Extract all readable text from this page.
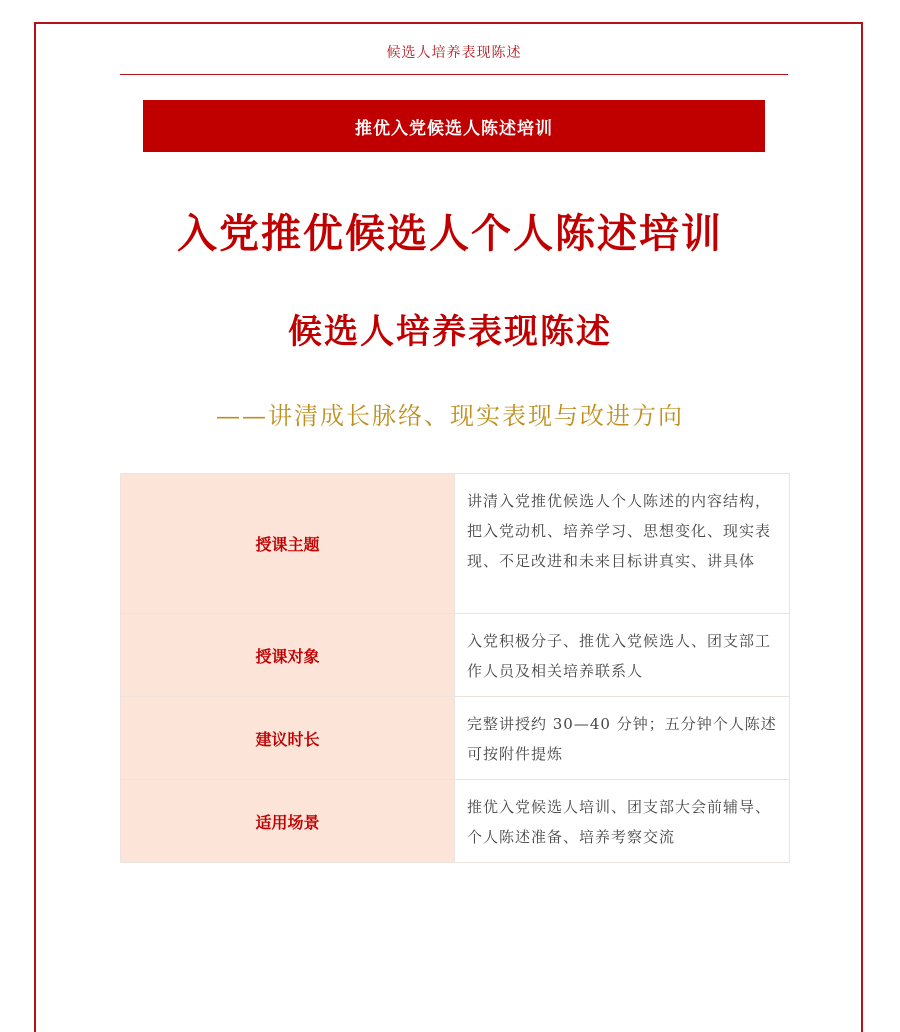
候选人培养表现陈述
推优入党候选人陈述培训
入党推优候选人个人陈述培训
候选人培养表现陈述
——讲清成长脉络、现实表现与改进方向
授课主题	讲清入党推优候选人个人陈述的内容结构，把入党动机、培养学习、思想变化、现实表现、不足改进和未来目标讲真实、讲具体
授课对象	入党积极分子、推优入党候选人、团支部工作人员及相关培养联系人
建议时长	完整讲授约 30—40 分钟；五分钟个人陈述可按附件提炼
适用场景	推优入党候选人培训、团支部大会前辅导、个人陈述准备、培养考察交流
